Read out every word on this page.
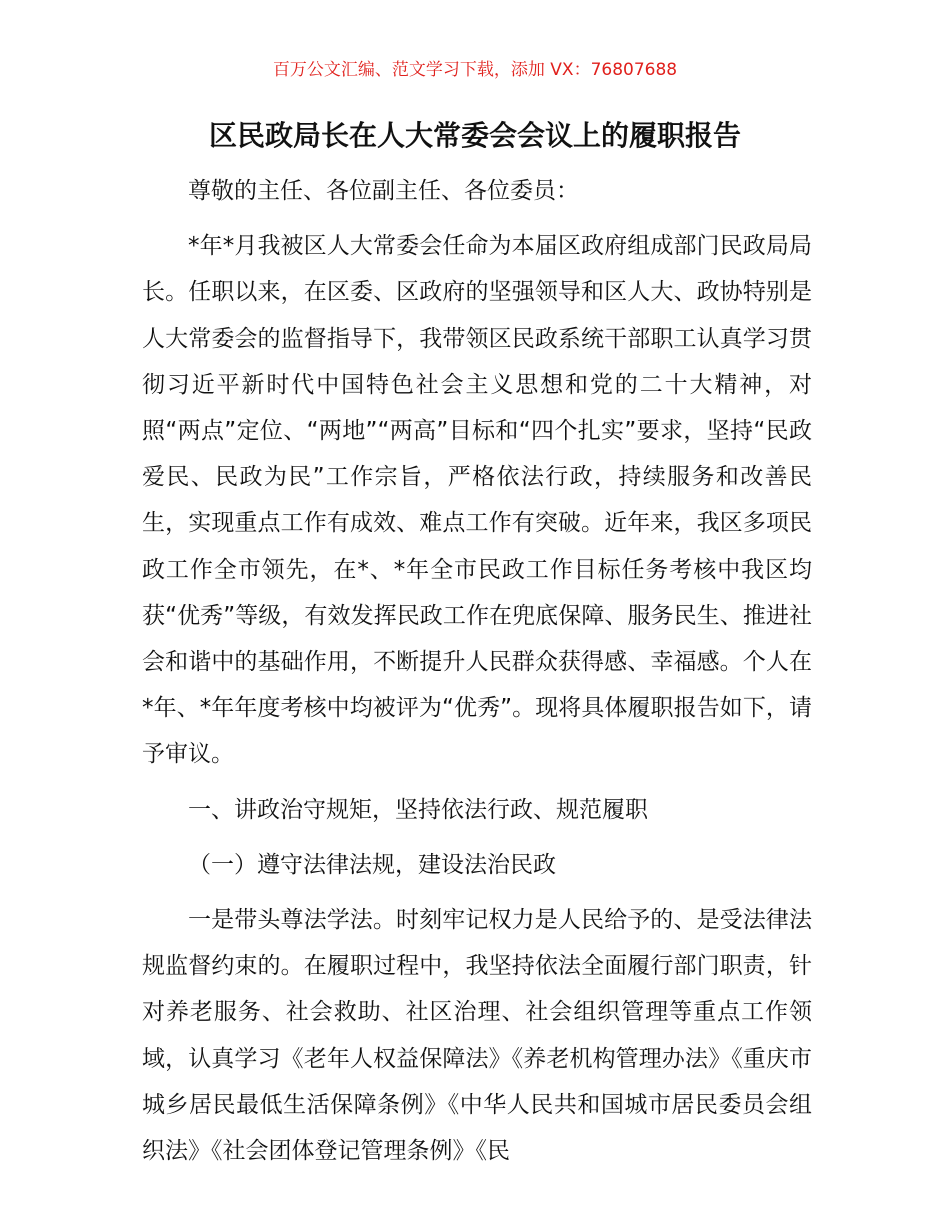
百万公文汇编、范文学习下载，添加 VX：76807688
区民政局长在人大常委会会议上的履职报告

尊敬的主任、各位副主任、各位委员：

*年*月我被区人大常委会任命为本届区政府组成部门民政局局长。任职以来，在区委、区政府的坚强领导和区人大、政协特别是人大常委会的监督指导下，我带领区民政系统干部职工认真学习贯彻习近平新时代中国特色社会主义思想和党的二十大精神，对照“两点”定位、“两地”“两高”目标和“四个扎实”要求，坚持“民政爱民、民政为民”工作宗旨，严格依法行政，持续服务和改善民生，实现重点工作有成效、难点工作有突破。近年来，我区多项民政工作全市领先，在*、*年全市民政工作目标任务考核中我区均获“优秀”等级，有效发挥民政工作在兜底保障、服务民生、推进社会和谐中的基础作用，不断提升人民群众获得感、幸福感。个人在*年、*年年度考核中均被评为“优秀”。现将具体履职报告如下，请予审议。

一、讲政治守规矩，坚持依法行政、规范履职

（一）遵守法律法规，建设法治民政

一是带头尊法学法。时刻牢记权力是人民给予的、是受法律法规监督约束的。在履职过程中，我坚持依法全面履行部门职责，针对养老服务、社会救助、社区治理、社会组织管理等重点工作领域，认真学习《老年人权益保障法》《养老机构管理办法》《重庆市城乡居民最低生活保障条例》《中华人民共和国城市居民委员会组织法》《社会团体登记管理条例》《民
